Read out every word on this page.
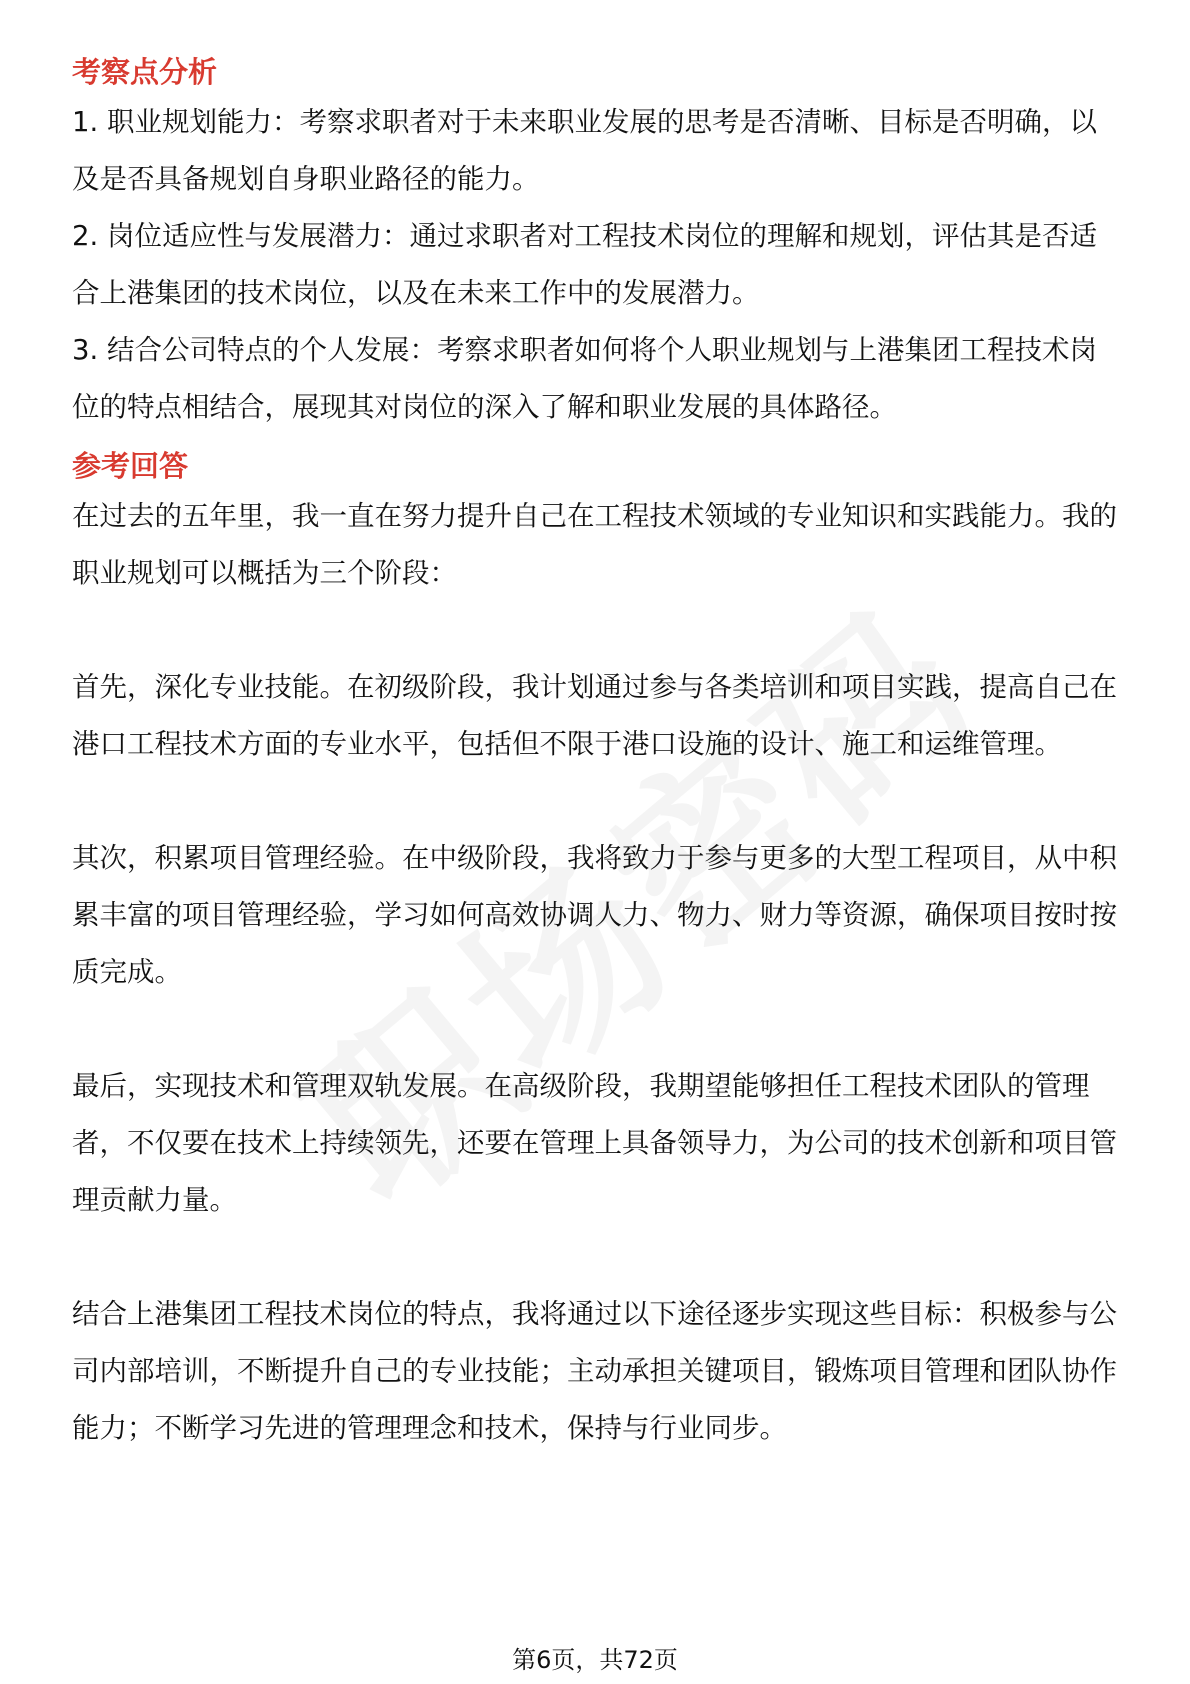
考察点分析

1. 职业规划能力：考察求职者对于未来职业发展的思考是否清晰、目标是否明确，以及是否具备规划自身职业路径的能力。

2. 岗位适应性与发展潜力：通过求职者对工程技术岗位的理解和规划，评估其是否适合上港集团的技术岗位，以及在未来工作中的发展潜力。

3. 结合公司特点的个人发展：考察求职者如何将个人职业规划与上港集团工程技术岗位的特点相结合，展现其对岗位的深入了解和职业发展的具体路径。

参考回答

在过去的五年里，我一直在努力提升自己在工程技术领域的专业知识和实践能力。我的职业规划可以概括为三个阶段：

首先，深化专业技能。在初级阶段，我计划通过参与各类培训和项目实践，提高自己在港口工程技术方面的专业水平，包括但不限于港口设施的设计、施工和运维管理。

其次，积累项目管理经验。在中级阶段，我将致力于参与更多的大型工程项目，从中积累丰富的项目管理经验，学习如何高效协调人力、物力、财力等资源，确保项目按时按质完成。

最后，实现技术和管理双轨发展。在高级阶段，我期望能够担任工程技术团队的管理者，不仅要在技术上持续领先，还要在管理上具备领导力，为公司的技术创新和项目管理贡献力量。

结合上港集团工程技术岗位的特点，我将通过以下途径逐步实现这些目标：积极参与公司内部培训，不断提升自己的专业技能；主动承担关键项目，锻炼项目管理和团队协作能力；不断学习先进的管理理念和技术，保持与行业同步。

第6页，共72页
